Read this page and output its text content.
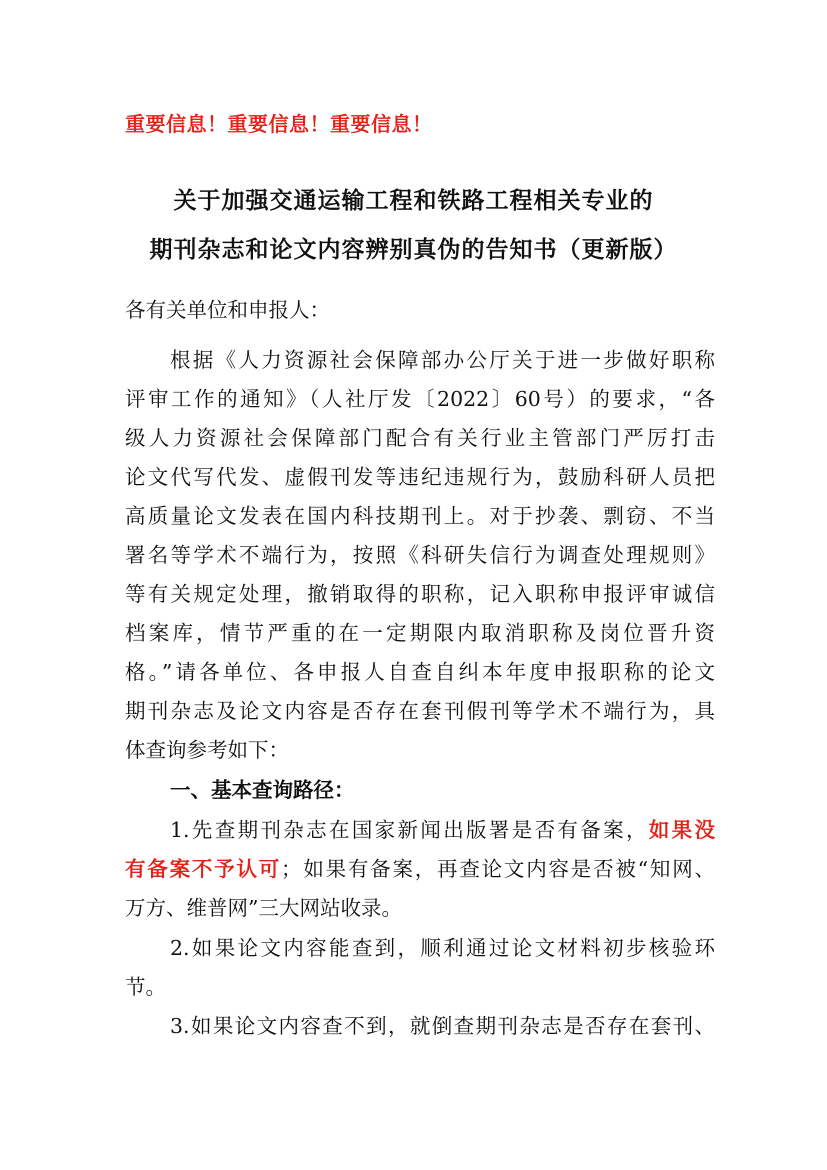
重要信息！重要信息！重要信息！
关于加强交通运输工程和铁路工程相关专业的
期刊杂志和论文内容辨别真伪的告知书（更新版）
各有关单位和申报人：
根据《人力资源社会保障部办公厅关于进一步做好职称
评审工作的通知》（人社厅发〔2022〕60号）的要求，“各
级人力资源社会保障部门配合有关行业主管部门严厉打击
论文代写代发、虚假刊发等违纪违规行为，鼓励科研人员把
高质量论文发表在国内科技期刊上。对于抄袭、剽窃、不当
署名等学术不端行为，按照《科研失信行为调查处理规则》
等有关规定处理，撤销取得的职称，记入职称申报评审诚信
档案库，情节严重的在一定期限内取消职称及岗位晋升资
格。”请各单位、各申报人自查自纠本年度申报职称的论文
期刊杂志及论文内容是否存在套刊假刊等学术不端行为，具
体查询参考如下：
一、基本查询路径：
1.先查期刊杂志在国家新闻出版署是否有备案，如果没
有备案不予认可；如果有备案，再查论文内容是否被“知网、
万方、维普网”三大网站收录。
2.如果论文内容能查到，顺利通过论文材料初步核验环
节。
3.如果论文内容查不到，就倒查期刊杂志是否存在套刊、
